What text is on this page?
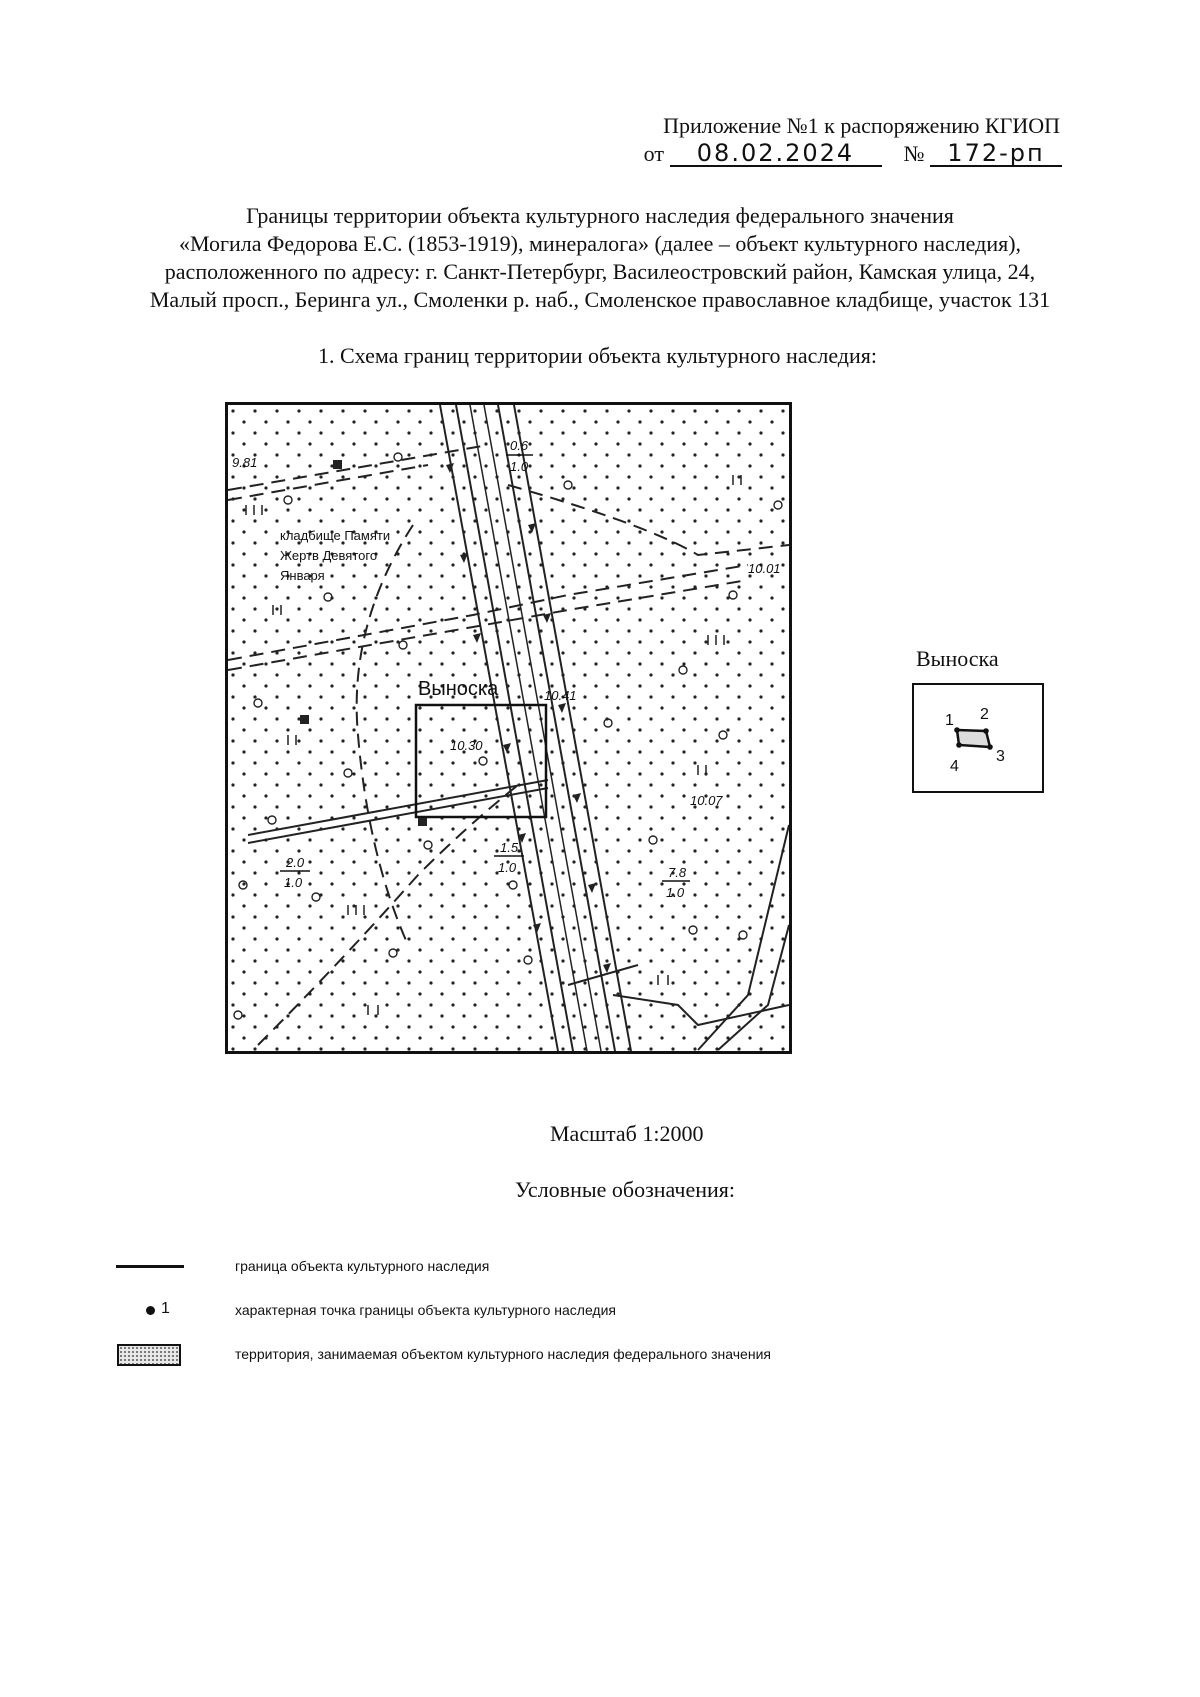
Приложение №1 к распоряжению КГИОП
от 08.02.2024 № 172-рп
Границы территории объекта культурного наследия федерального значения
«Могила Федорова Е.С. (1853-1919), минералога» (далее – объект культурного наследия),
расположенного по адресу: г. Санкт-Петербург, Василеостровский район, Камская улица, 24,
Малый просп., Беринга ул., Смоленки р. наб., Смоленское православное кладбище, участок 131
1. Схема границ территории объекта культурного наследия:
кладбище Памяти
Жертв Девятого
Января
Выноска
9.81
10.01
10.41
10.30
10.07
0.6
1.0
2.0
1.0
1.5
1.0	7.8
1.0
Выноска
1 2
3
4
Масштаб 1:2000
Условные обозначения:
граница объекта культурного наследия
1	характерная точка границы объекта культурного наследия
территория, занимаемая объектом культурного наследия федерального значения
